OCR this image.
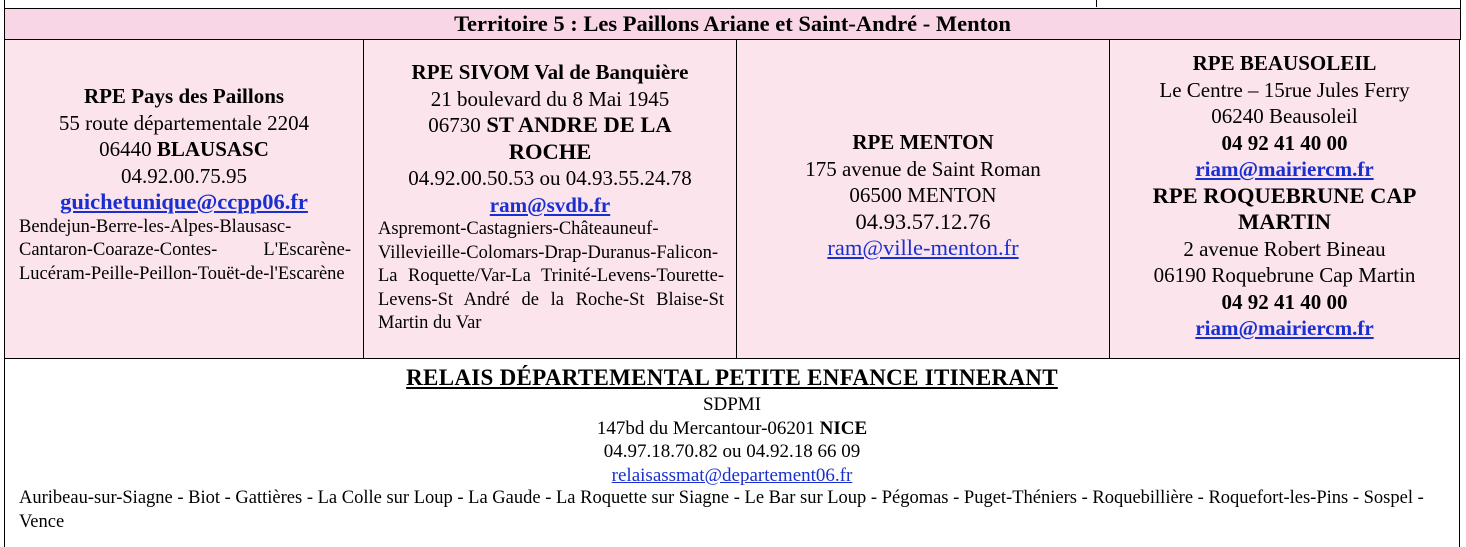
Territoire 5 : Les Paillons Ariane et Saint-André - Menton
RPE Pays des Paillons
55 route départementale 2204
06440 BLAUSASC
04.92.00.75.95
guichetunique@ccpp06.fr
Bendejun-Berre-les-Alpes-Blausasc-Cantaron-Coaraze-Contes- L'Escarène-Lucéram-Peille-Peillon-Touët-de-l'Escarène
RPE SIVOM Val de Banquière
21 boulevard du 8 Mai 1945
06730 ST ANDRE DE LA
ROCHE
04.92.00.50.53 ou 04.93.55.24.78
ram@svdb.fr
Aspremont-Castagniers-Châteauneuf-Villevieille-Colomars-Drap-Duranus-Falicon-La Roquette/Var-La Trinité-Levens-Tourette-Levens-St André de la Roche-St Blaise-St Martin du Var
RPE MENTON
175 avenue de Saint Roman
06500 MENTON
04.93.57.12.76
ram@ville-menton.fr
RPE BEAUSOLEIL
Le Centre – 15rue Jules Ferry
06240 Beausoleil
04 92 41 40 00
riam@mairiercm.fr
RPE ROQUEBRUNE CAP
MARTIN
2 avenue Robert Bineau
06190 Roquebrune Cap Martin
04 92 41 40 00
riam@mairiercm.fr
RELAIS DÉPARTEMENTAL PETITE ENFANCE ITINERANT
SDPMI
147bd du Mercantour-06201 NICE
04.97.18.70.82 ou 04.92.18 66 09
relaisassmat@departement06.fr
Auribeau-sur-Siagne - Biot - Gattières - La Colle sur Loup - La Gaude - La Roquette sur Siagne - Le Bar sur Loup - Pégomas - Puget-Théniers - Roquebillière - Roquefort-les-Pins - Sospel - Vence
